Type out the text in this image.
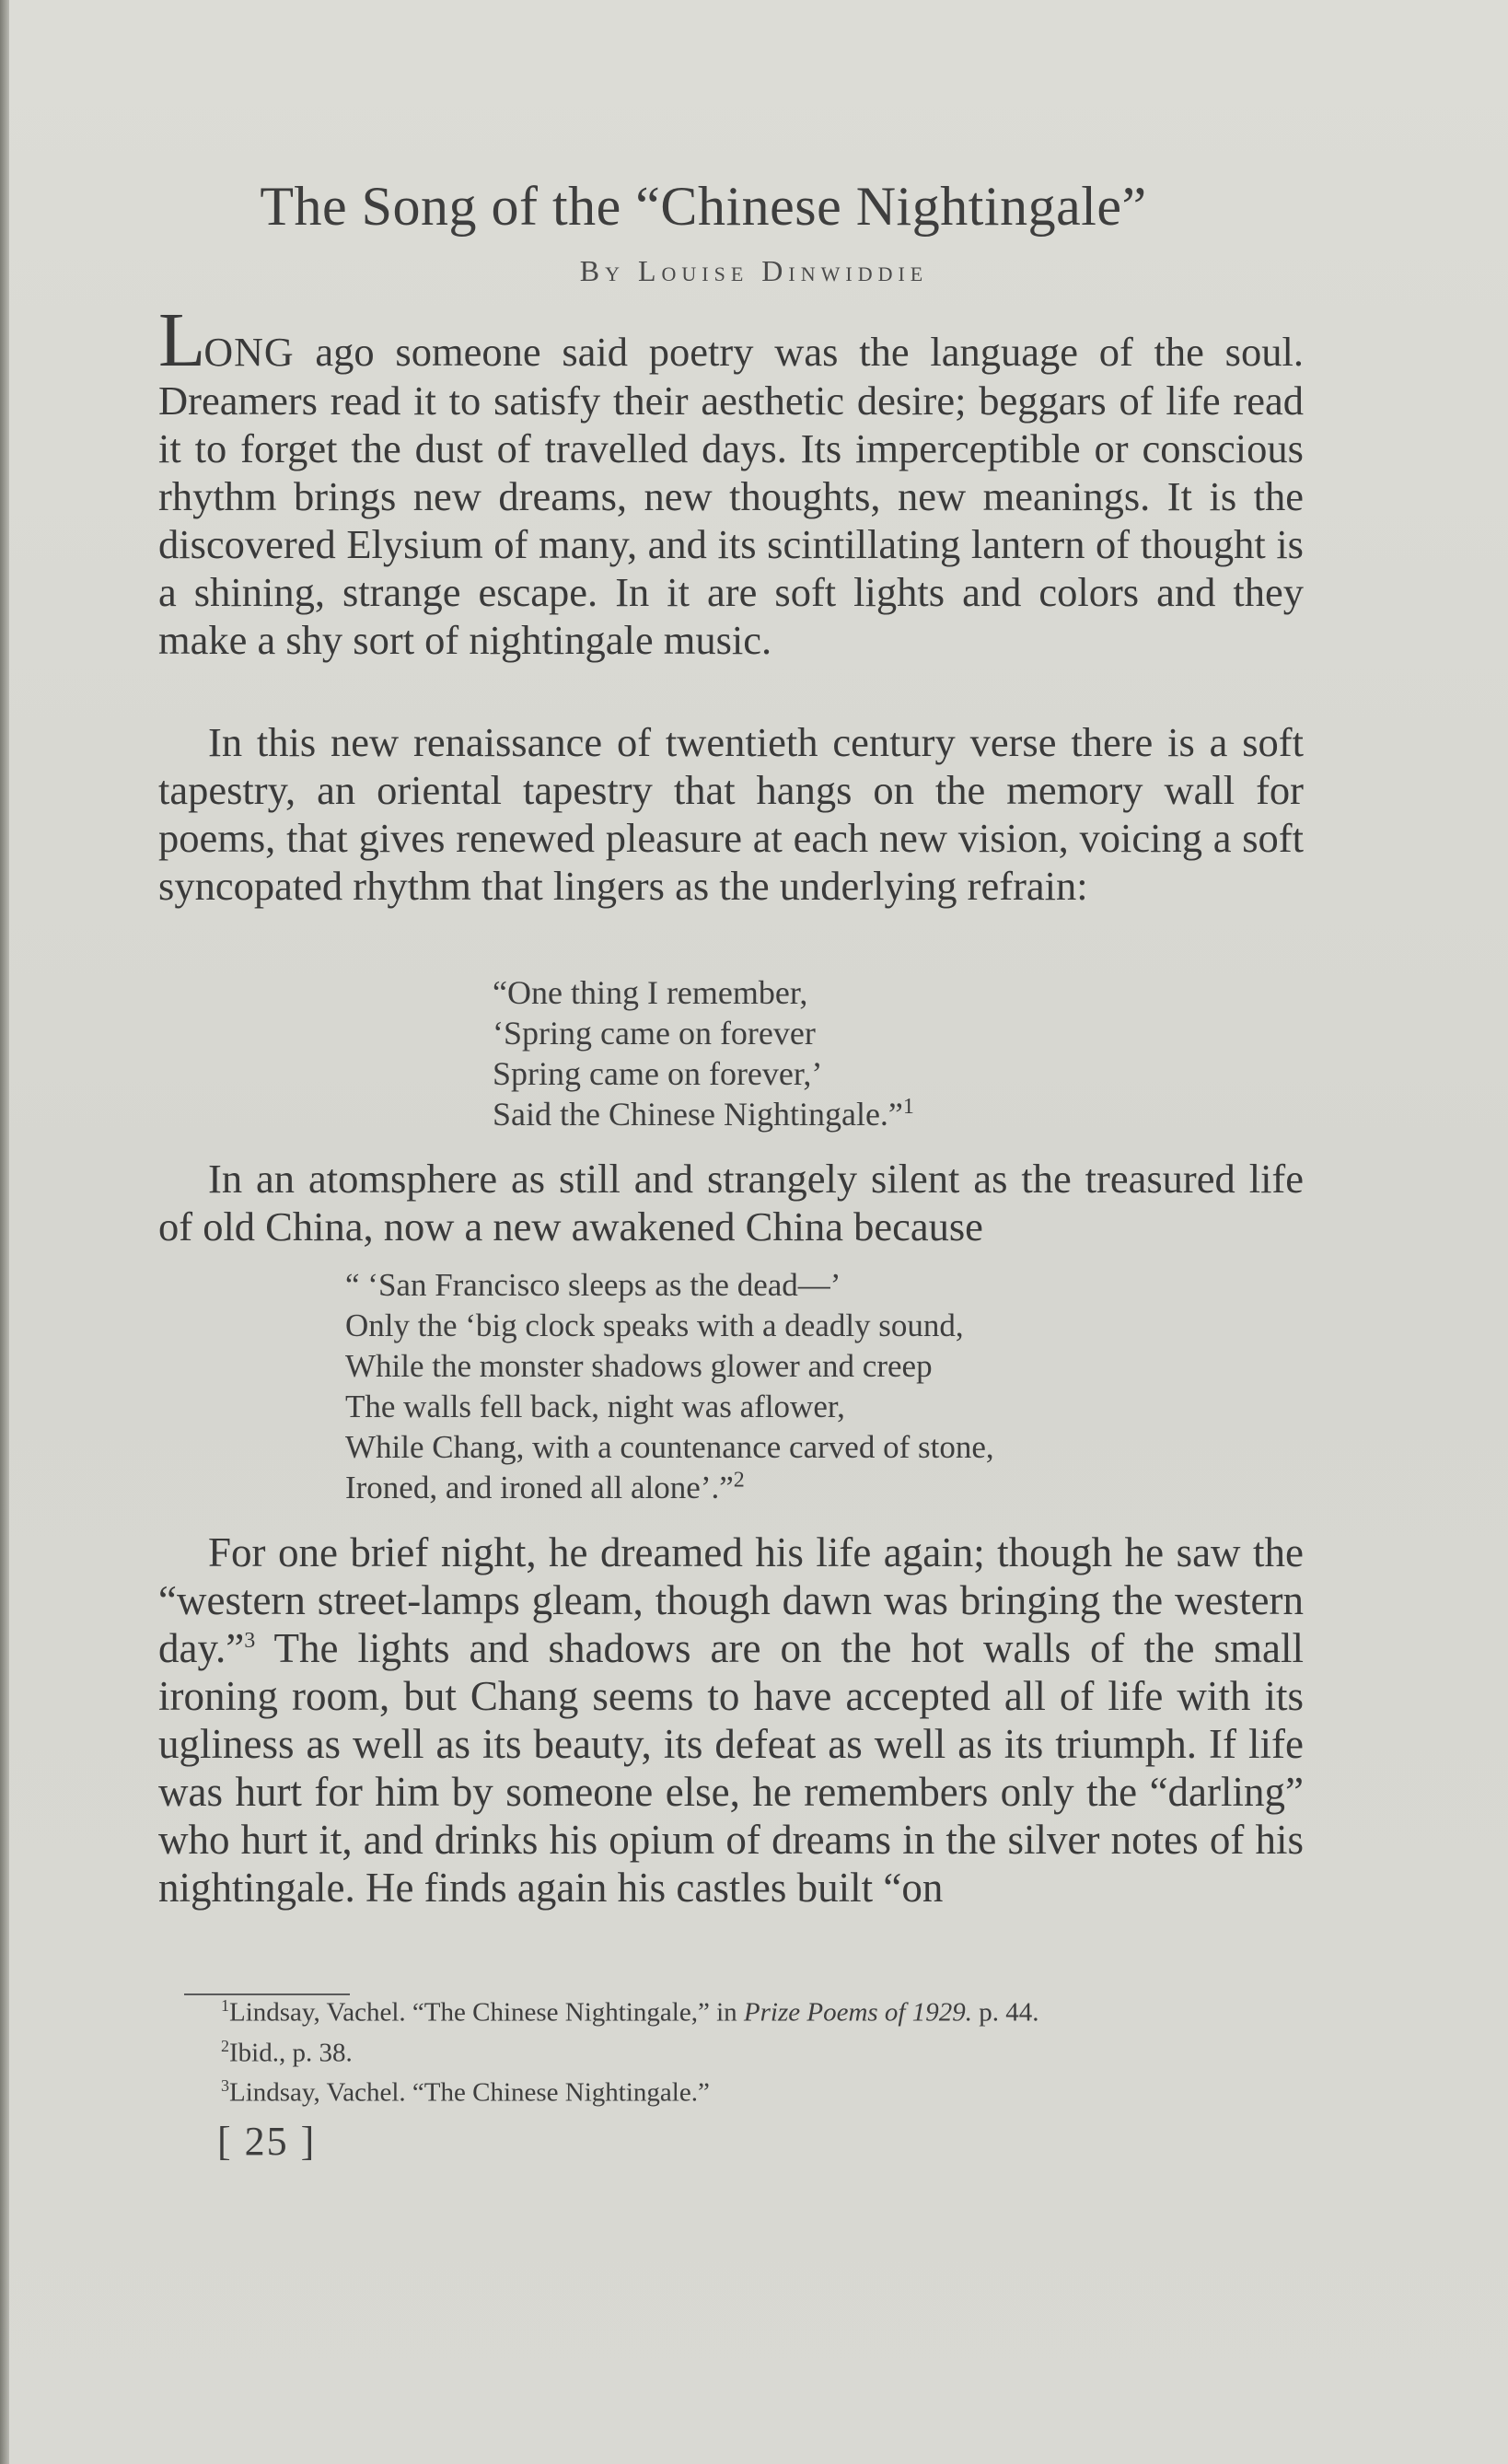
The Song of the “Chinese Nightingale”
By Louise Dinwiddie
LONG ago someone said poetry was the language of the soul. Dreamers read it to satisfy their aesthetic desire; beggars of life read it to forget the dust of travelled days. Its imperceptible or conscious rhythm brings new dreams, new thoughts, new meanings. It is the discovered Elysium of many, and its scintillating lantern of thought is a shining, strange escape. In it are soft lights and colors and they make a shy sort of nightingale music.
In this new renaissance of twentieth century verse there is a soft tapestry, an oriental tapestry that hangs on the memory wall for poems, that gives renewed pleasure at each new vision, voicing a soft syncopated rhythm that lingers as the underlying refrain:
“One thing I remember,
‘Spring came on forever
Spring came on forever,’
Said the Chinese Nightingale.”$^1$
In an atomsphere as still and strangely silent as the treasured life of old China, now a new awakened China because
“ ‘San Francisco sleeps as the dead—’
Only the ‘big clock speaks with a deadly sound,
While the monster shadows glower and creep
The walls fell back, night was aflower,
While Chang, with a countenance carved of stone,
Ironed, and ironed all alone’.”$^2$
For one brief night, he dreamed his life again; though he saw the “western street-lamps gleam, though dawn was bringing the western day.”$^3$ The lights and shadows are on the hot walls of the small ironing room, but Chang seems to have accepted all of life with its ugliness as well as its beauty, its defeat as well as its triumph. If life was hurt for him by someone else, he remembers only the “darling” who hurt it, and drinks his opium of dreams in the silver notes of his nightingale. He finds again his castles built “on
$^1$Lindsay, Vachel. “The Chinese Nightingale,” in Prize Poems of 1929. p. 44.
$^2$Ibid., p. 38.
$^3$Lindsay, Vachel. “The Chinese Nightingale.”
[ 25 ]
